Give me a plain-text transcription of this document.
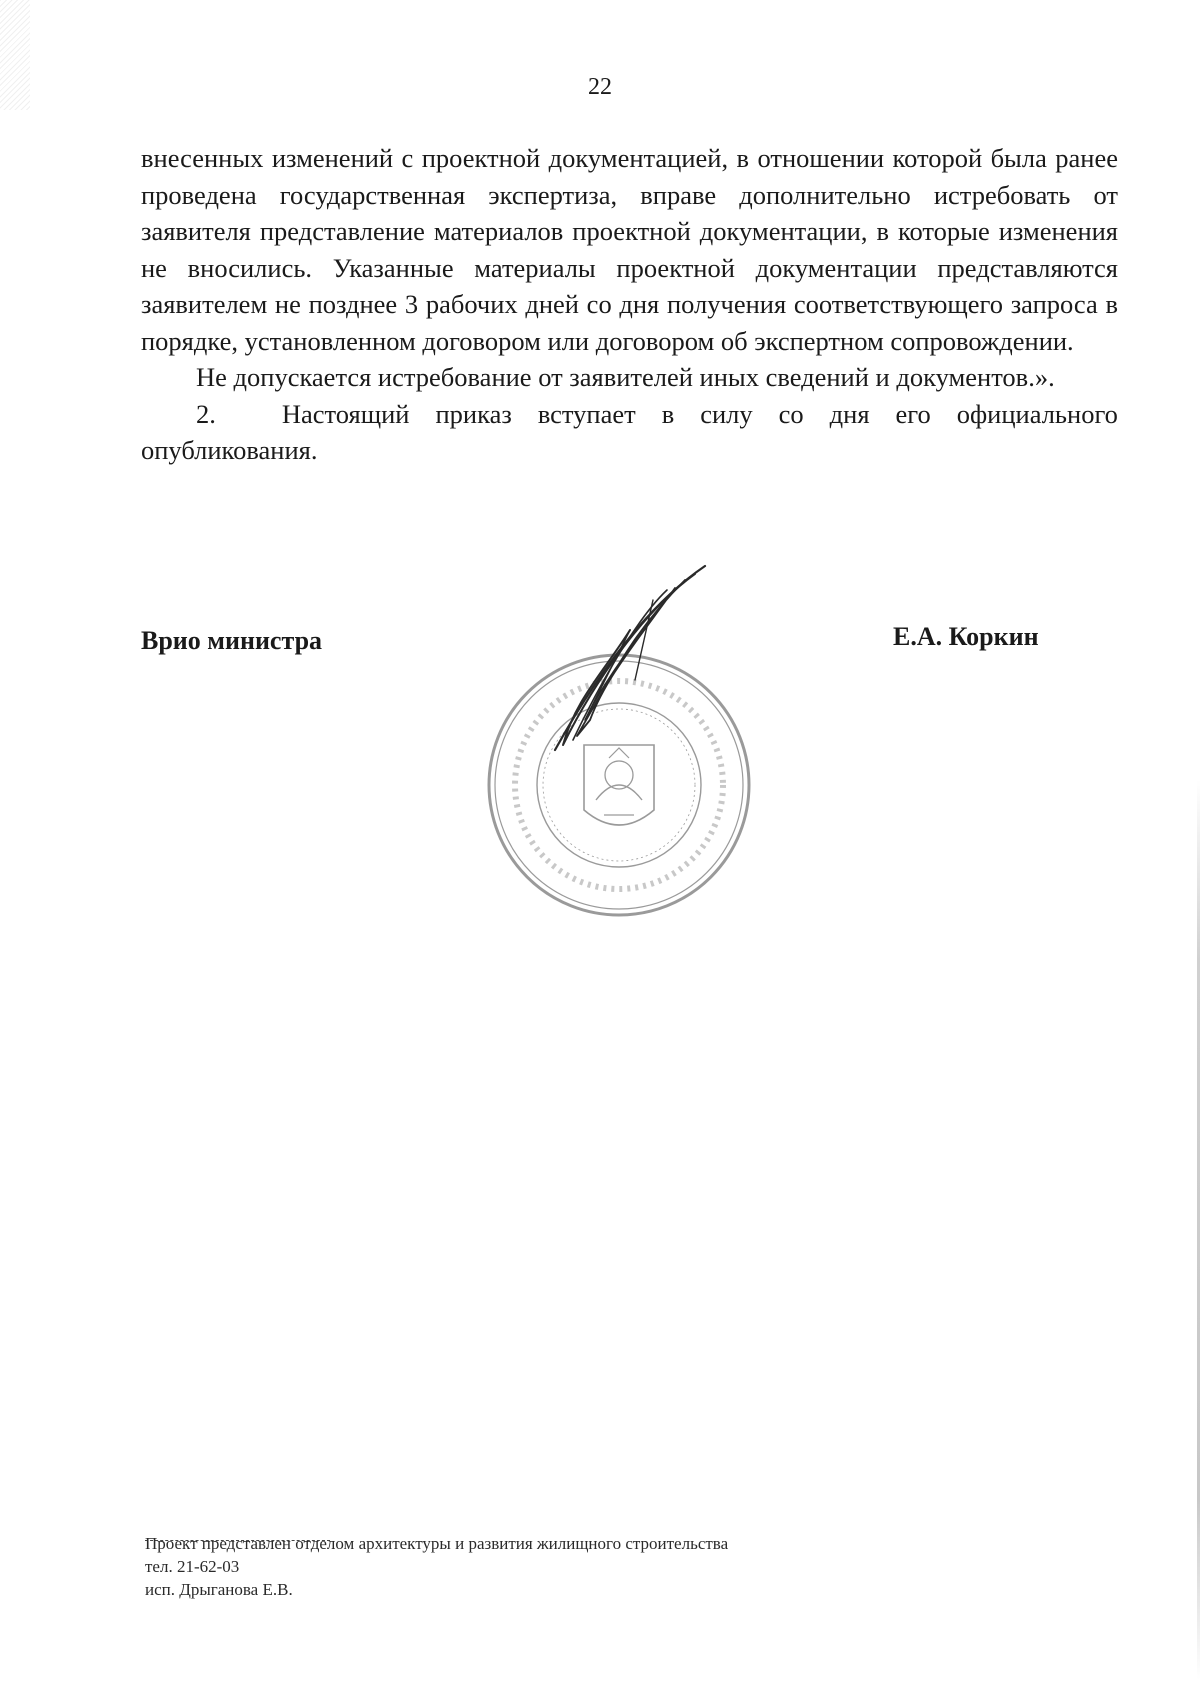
22

внесенных изменений с проектной документацией, в отношении которой была ранее проведена государственная экспертиза, вправе дополнительно истребовать от заявителя представление материалов проектной документации, в которые изменения не вносились. Указанные материалы проектной документации представляются заявителем не позднее 3 рабочих дней со дня получения соответствующего запроса в порядке, установленном договором или договором об экспертном сопровождении.

Не допускается истребование от заявителей иных сведений и документов.».

2. Настоящий приказ вступает в силу со дня его официального

опубликования.

Врио министра	Е.А. Коркин
Проект представлен отделом архитектуры и развития жилищного строительства
тел. 21-62-03
исп. Дрыганова Е.В.
